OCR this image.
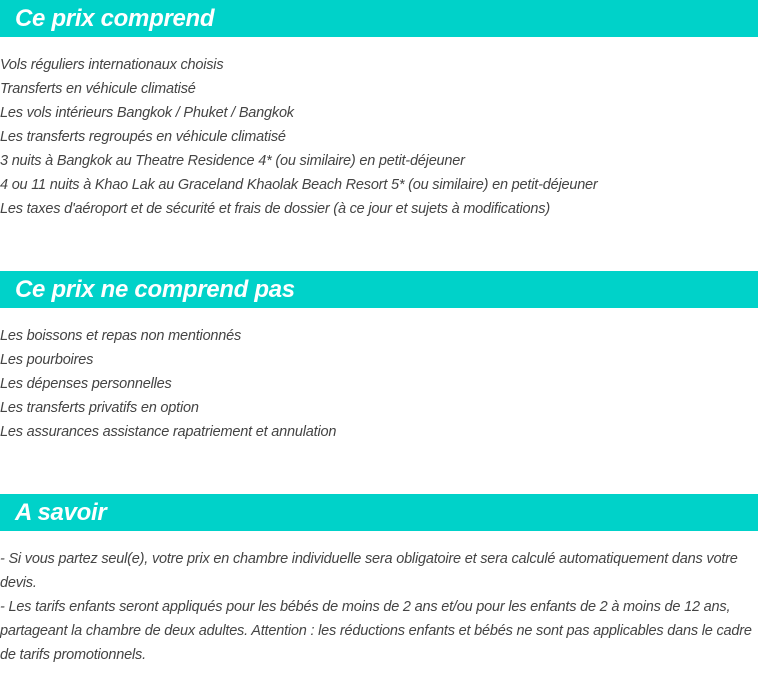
Ce prix comprend
Vols réguliers internationaux choisis
Transferts en véhicule climatisé
Les vols intérieurs Bangkok / Phuket / Bangkok
Les transferts regroupés en véhicule climatisé
3 nuits à Bangkok au Theatre Residence 4* (ou similaire) en petit-déjeuner
4 ou 11 nuits à Khao Lak au Graceland Khaolak Beach Resort 5* (ou similaire) en petit-déjeuner
Les taxes d'aéroport et de sécurité et frais de dossier (à ce jour et sujets à modifications)
Ce prix ne comprend pas
Les boissons et repas non mentionnés
Les pourboires
Les dépenses personnelles
Les transferts privatifs en option
Les assurances assistance rapatriement et annulation
A savoir

- Si vous partez seul(e), votre prix en chambre individuelle sera obligatoire et sera calculé automatiquement dans votre devis.

- Les tarifs enfants seront appliqués pour les bébés de moins de 2 ans et/ou pour les enfants de 2 à moins de 12 ans, partageant la chambre de deux adultes. Attention : les réductions enfants et bébés ne sont pas applicables dans le cadre de tarifs promotionnels.
